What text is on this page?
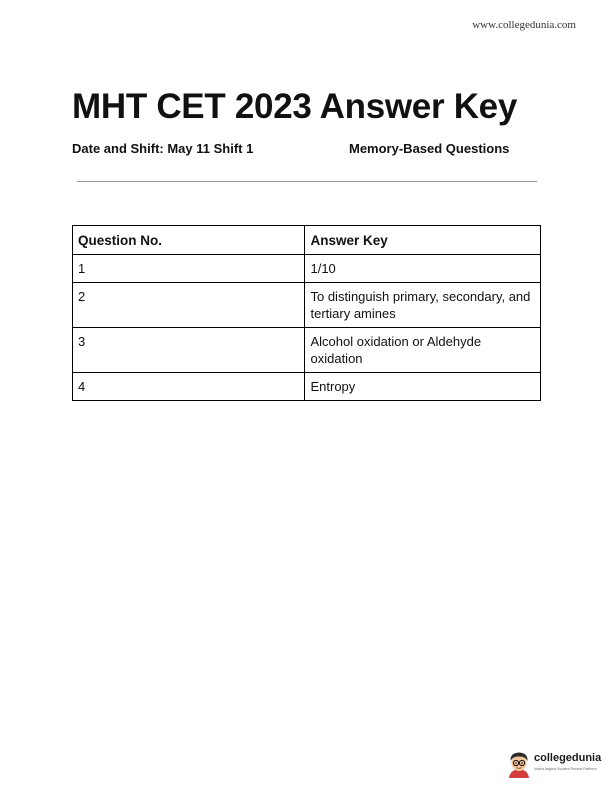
www.collegedunia.com
MHT CET 2023 Answer Key
Date and Shift: May 11 Shift 1	Memory-Based Questions
Question No.	Answer Key
1	1/10
2	To distinguish primary, secondary, and tertiary amines
3	Alcohol oxidation or Aldehyde oxidation
4	Entropy
collegedunia
India's largest Student Review Platform
